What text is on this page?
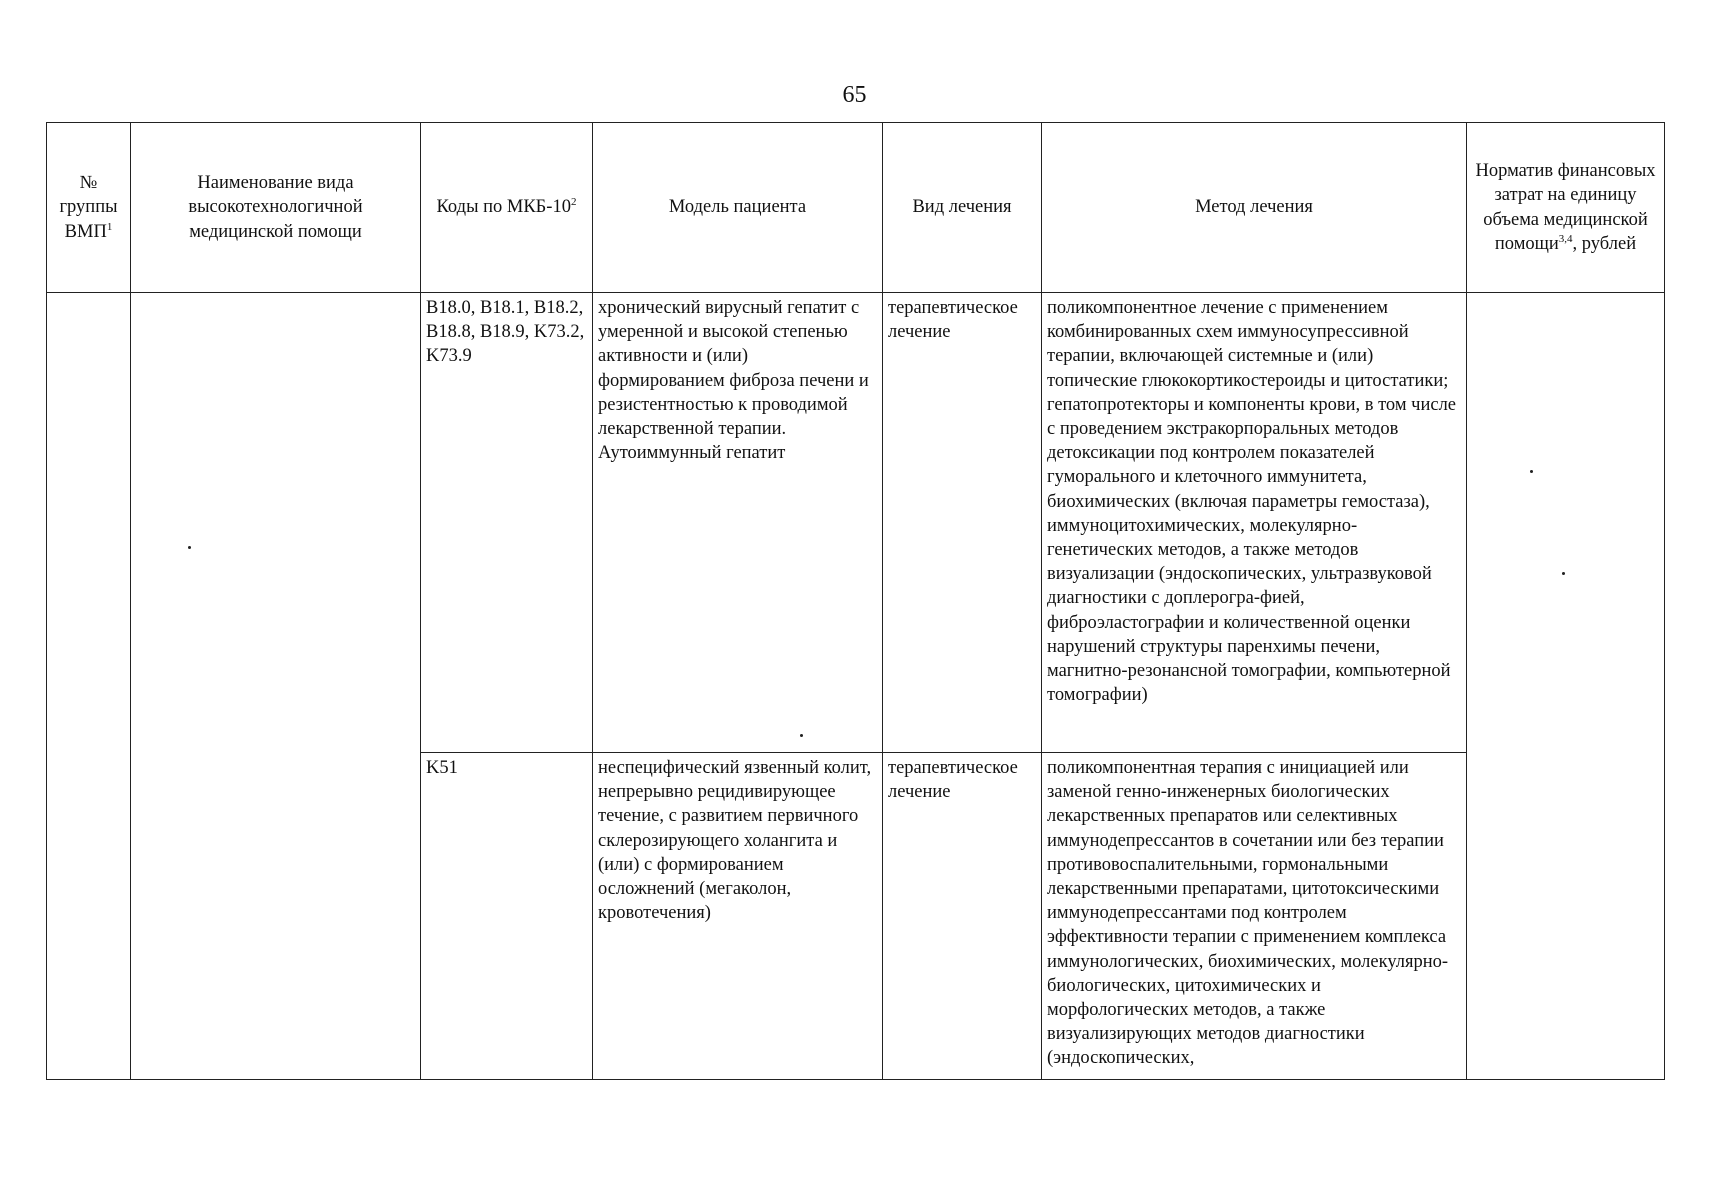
65
№ группы ВМП$^1$	Наименование вида высокотехнологичной медицинской помощи	Коды по МКБ-$10^2$	Модель пациента	Вид лечения	Метод лечения	Норматив финансовых затрат на единицу объема медицинской помощи$^{3,4}$, рублей
		B18.0, B18.1, B18.2, B18.8, B18.9, K73.2, K73.9	хронический вирусный гепатит с умеренной и высокой степенью активности и (или) формированием фиброза печени и резистентностью к проводимой лекарственной терапии. Аутоиммунный гепатит	терапевтическое лечение	поликомпонентное лечение с применением комбинированных схем иммуносупрессивной терапии, включающей системные и (или) топические глюкокортикостероиды и цитостатики; гепатопротекторы и компоненты крови, в том числе с проведением экстракорпоральных методов детоксикации под контролем показателей гуморального и клеточного иммунитета, биохимических (включая параметры гемостаза), иммуноцитохимических, молекулярно-генетических методов, а также методов визуализации (эндоскопических, ультразвуковой диагностики с доплерогра-фией, фиброэластографии и количественной оценки нарушений структуры паренхимы печени, магнитно-резонансной томографии, компьютерной томографии)	
		K51	неспецифический язвенный колит, непрерывно рецидивирующее течение, с развитием первичного склерозирующего холангита и (или) с формированием осложнений (мегаколон, кровотечения)	терапевтическое лечение	поликомпонентная терапия с инициацией или заменой генно-инженерных биологических лекарственных препаратов или селективных иммунодепрессантов в сочетании или без терапии противовоспалительными, гормональными лекарственными препаратами, цитотоксическими иммунодепрессантами под контролем эффективности терапии с применением комплекса иммунологических, биохимических, молекулярно-биологических, цитохимических и морфологических методов, а также визуализирующих методов диагностики (эндоскопических,	
